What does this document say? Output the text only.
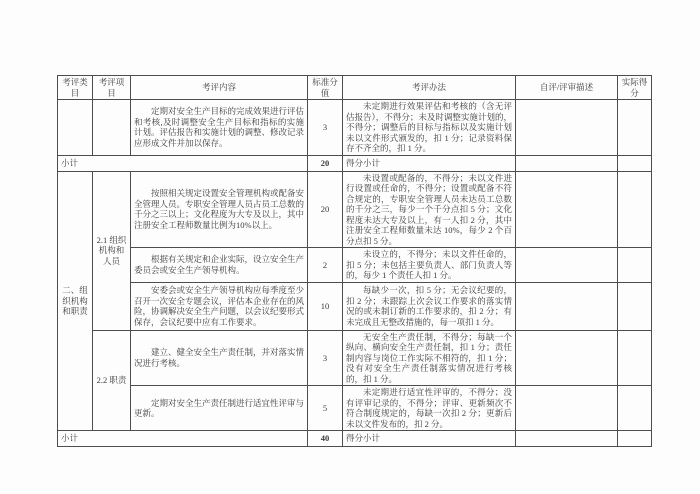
考评类目	考评项目	考评内容	标准分值	考评办法	自评/评审描述	实际得分

		定期对安全生产目标的完成效果进行评估和考核,及时调整安全生产目标和指标的实施计划。评估报告和实施计划的调整、修改记录应形成文件并加以保存。	3	未定期进行效果评估和考核的（含无评估报告），不得分；未及时调整实施计划的，不得分；调整后的目标与指标以及实施计划未以文件形式颁发的，扣 1 分；记录资料保存不齐全的，扣 1 分。		

小计			20	得分小计		
二、组织机构和职责	2.1 组织机构和人员	按照相关规定设置安全管理机构或配备安全管理人员。专职安全管理人员占员工总数的千分之三以上；文化程度为大专及以上，其中注册安全工程师数量比例为10%以上。	20	未设置或配备的，不得分；未以文件进行设置或任命的，不得分；设置或配备不符合规定的，专职安全管理人员未达员工总数的千分之三，每少一个千分点扣 5 分；文化程度未达大专及以上，有一人扣 2 分，其中注册安全工程师数量未达 10%，每少 2 个百分点扣 5 分。		

		根据有关规定和企业实际，设立安全生产委员会或安全生产领导机构。	2	未设立的，不得分；未以文件任命的，扣 5 分；未包括主要负责人、部门负责人等的，每少 1 个责任人扣 1 分。		

		安委会或安全生产领导机构应每季度至少召开一次安全专题会议，评估本企业存在的风险，协调解决安全生产问题，以会议纪要形式保存，会议纪要中应有工作要求。	10	每缺少一次，扣 5 分；无会议纪要的，扣 2 分；未跟踪上次会议工作要求的落实情况的或未制订新的工作要求的，扣 2 分；有未完成且无整改措施的，每一项扣 1 分。		

	2.2 职责	建立、健全安全生产责任制，并对落实情况进行考核。	3	无安全生产责任制，不得分；每缺一个纵向、横向安全生产责任制，扣 1 分；责任制内容与岗位工作实际不相符的，扣 1 分；没有对安全生产责任制落实情况进行考核的，扣 1 分。		

		定期对安全生产责任制进行适宜性评审与更新。	5	未定期进行适宜性评审的，不得分；没有评审记录的，不得分；评审、更新频次不符合制度规定的，每缺一次扣 2 分；更新后未以文件发布的，扣 2 分。		

小计			40	得分小计		
